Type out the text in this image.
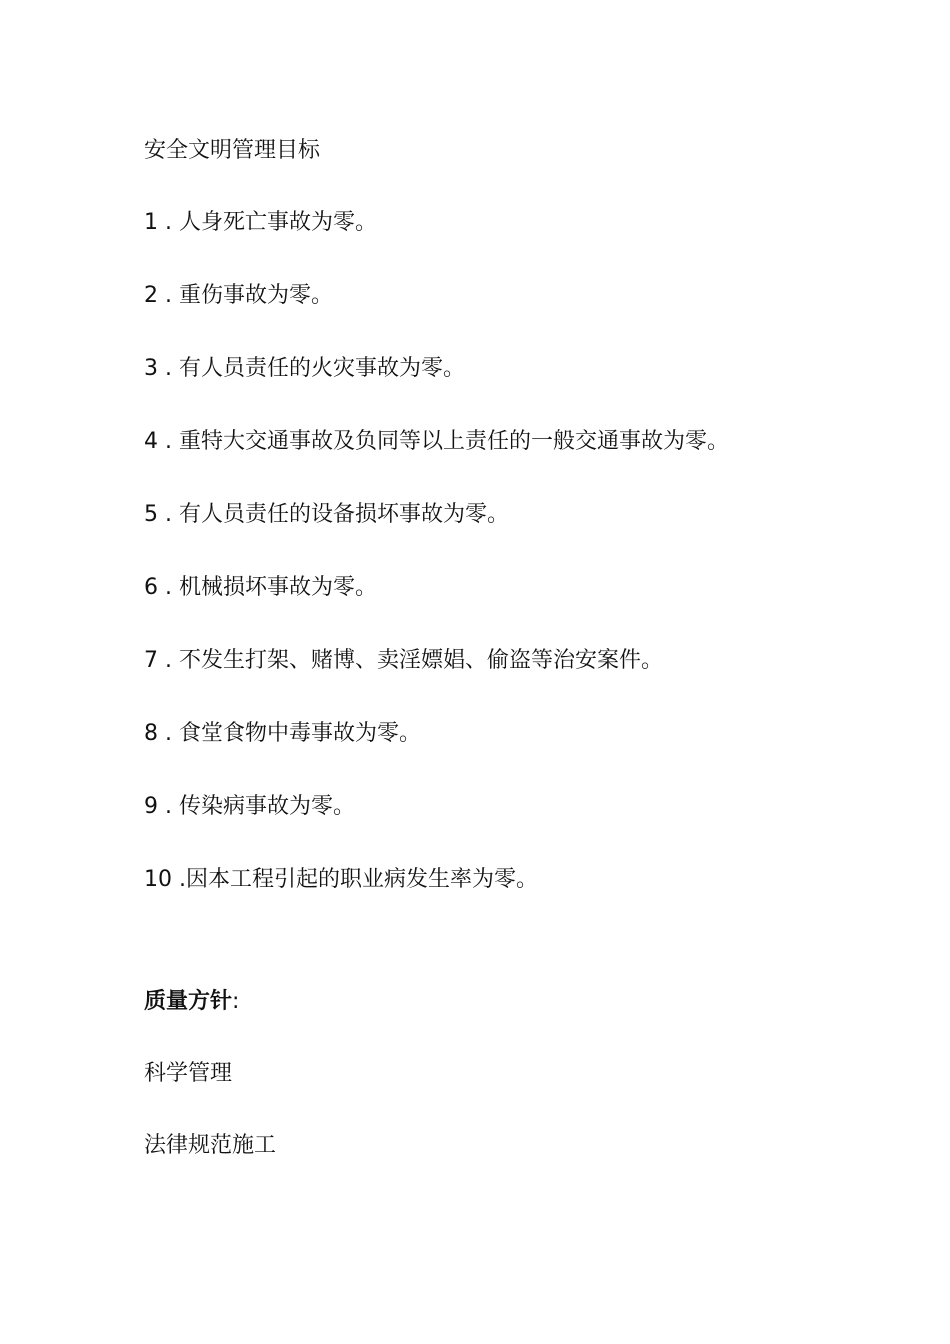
安全文明管理目标

1 . 人身死亡事故为零。
2 . 重伤事故为零。
3 . 有人员责任的火灾事故为零。
4 . 重特大交通事故及负同等以上责任的一般交通事故为零。
5 . 有人员责任的设备损坏事故为零。
6 . 机械损坏事故为零。
7 . 不发生打架、赌博、卖淫嫖娼、偷盗等治安案件。
8 . 食堂食物中毒事故为零。
9 . 传染病事故为零。
10 .因本工程引起的职业病发生率为零。

质量方针:

科学管理

法律规范施工
